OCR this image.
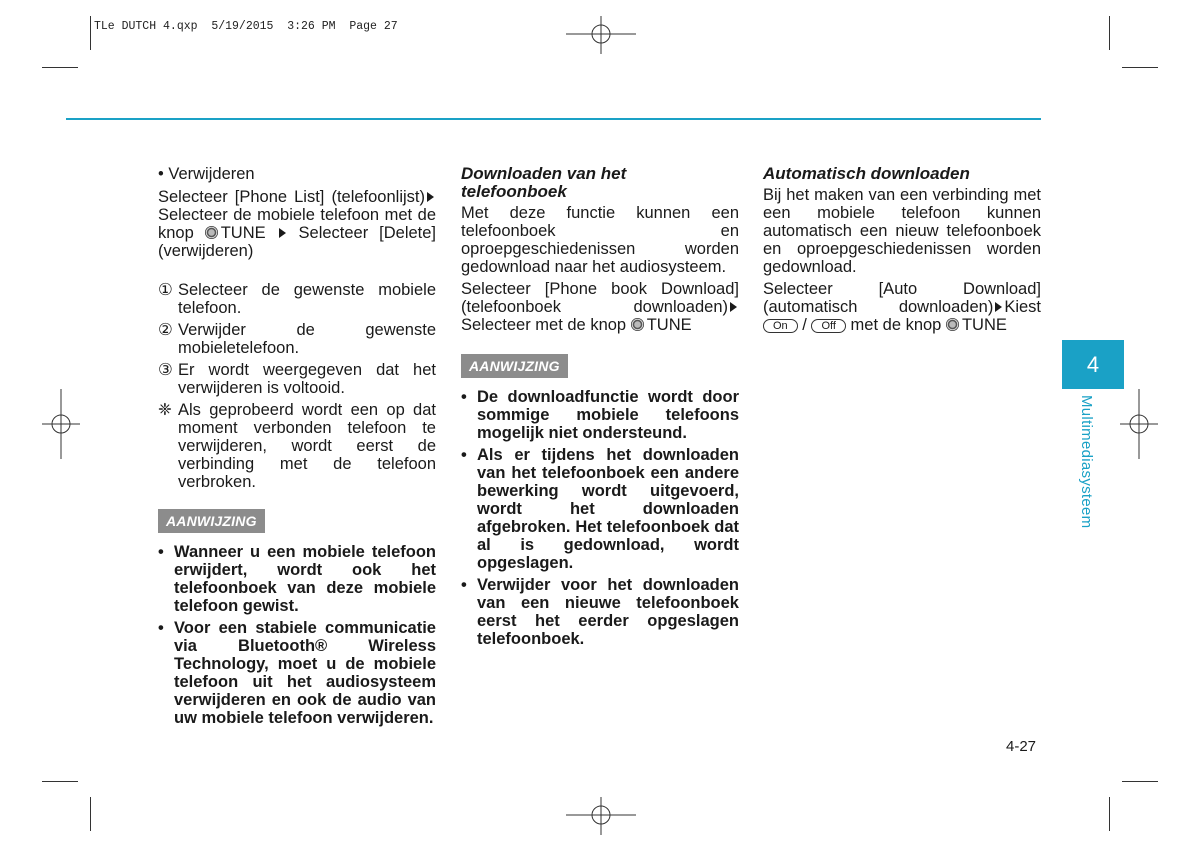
TLe DUTCH 4.qxp  5/19/2015  3:26 PM  Page 27

• Verwijderen

Selecteer [Phone List] (telefoonlijst)Selecteer de mobiele telefoon met de knop TUNE Selecteer [Delete] (verwijderen)

① Selecteer de gewenste mobiele telefoon.
② Verwijder de gewenste mobieletelefoon.
③ Er wordt weergegeven dat het verwijderen is voltooid.
❈ Als geprobeerd wordt een op dat moment verbonden telefoon te verwijderen, wordt eerst de verbinding met de telefoon verbroken.
AANWIJZING
• Wanneer u een mobiele telefoon erwijdert, wordt ook het telefoonboek van deze mobiele telefoon gewist.
• Voor een stabiele communicatie via Bluetooth® Wireless Technology, moet u de mobiele telefoon uit het audiosysteem verwijderen en ook de audio van uw mobiele telefoon verwijderen.
Downloaden van het
telefoonboek

Met deze functie kunnen een telefoonboek en oproepgeschiedenissen worden gedownload naar het audiosysteem.

Selecteer [Phone book Download] (telefoonboek downloaden) Selecteer met de knop TUNE

AANWIJZING
• De downloadfunctie wordt door sommige mobiele telefoons mogelijk niet ondersteund.
• Als er tijdens het downloaden van het telefoonboek een andere bewerking wordt uitgevoerd, wordt het downloaden afgebroken. Het telefoonboek dat al is gedownload, wordt opgeslagen.
• Verwijder voor het downloaden van een nieuwe telefoonboek eerst het eerder opgeslagen telefoonboek.
Automatisch downloaden

Bij het maken van een verbinding met een mobiele telefoon kunnen automatisch een nieuw telefoonboek en oproepgeschiedenissen worden gedownload.

Selecteer [Auto Download] (automatisch downloaden) Kiest On / Off met de knop TUNE

4
Multimediasysteem
4-27
